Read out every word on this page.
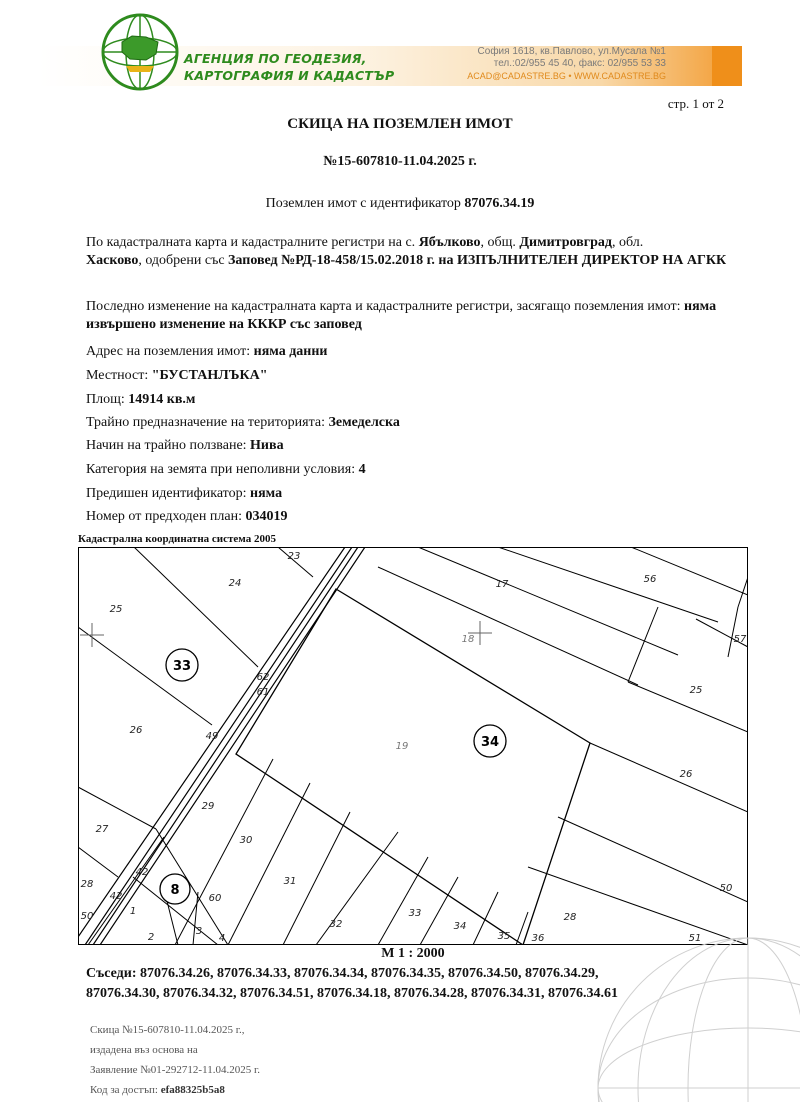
АГЕНЦИЯ ПО ГЕОДЕЗИЯ,
КАРТОГРАФИЯ И КАДАСТЪР
София 1618, кв.Павлово, ул.Мусала №1
тел.:02/955 45 40, факс: 02/955 53 33
ACAD@CADASTRE.BG • WWW.CADASTRE.BG
стр. 1 от 2
СКИЦА НА ПОЗЕМЛЕН ИМОТ
№15-607810-11.04.2025 г.
Поземлен имот с идентификатор 87076.34.19
По кадастралната карта и кадастралните регистри на с. Ябълково, общ. Димитровград, обл.
Хасково, одобрени със Заповед №РД-18-458/15.02.2018 г. на ИЗПЪЛНИТЕЛЕН ДИРЕКТОР НА АГКК
Последно изменение на кадастралната карта и кадастралните регистри, засягащо поземления имот: няма извършено изменение на КККР със заповед
Адрес на поземления имот: няма данни
Местност: "БУСТАНЛЪКА"
Площ: 14914 кв.м
Трайно предназначение на територията: Земеделска
Начин на трайно ползване: Нива
Категория на земята при неполивни условия: 4
Предишен идентификатор: няма
Номер от предходен план: 034019
Кадастрална координатна система 2005
33
34
8
23
24
25
17	56
18	57
62
61	25
26
19
49
26
29
27
30
31
28
42
42
50	1
60
50
32
33
34
28
2
3
4	35 36	51
М 1 : 2000
Съседи: 87076.34.26, 87076.34.33, 87076.34.34, 87076.34.35, 87076.34.50, 87076.34.29,
87076.34.30, 87076.34.32, 87076.34.51, 87076.34.18, 87076.34.28, 87076.34.31, 87076.34.61
Скица №15-607810-11.04.2025 г.,
издадена въз основа на
Заявление №01-292712-11.04.2025 г.
Код за достъп: efa88325b5a8
